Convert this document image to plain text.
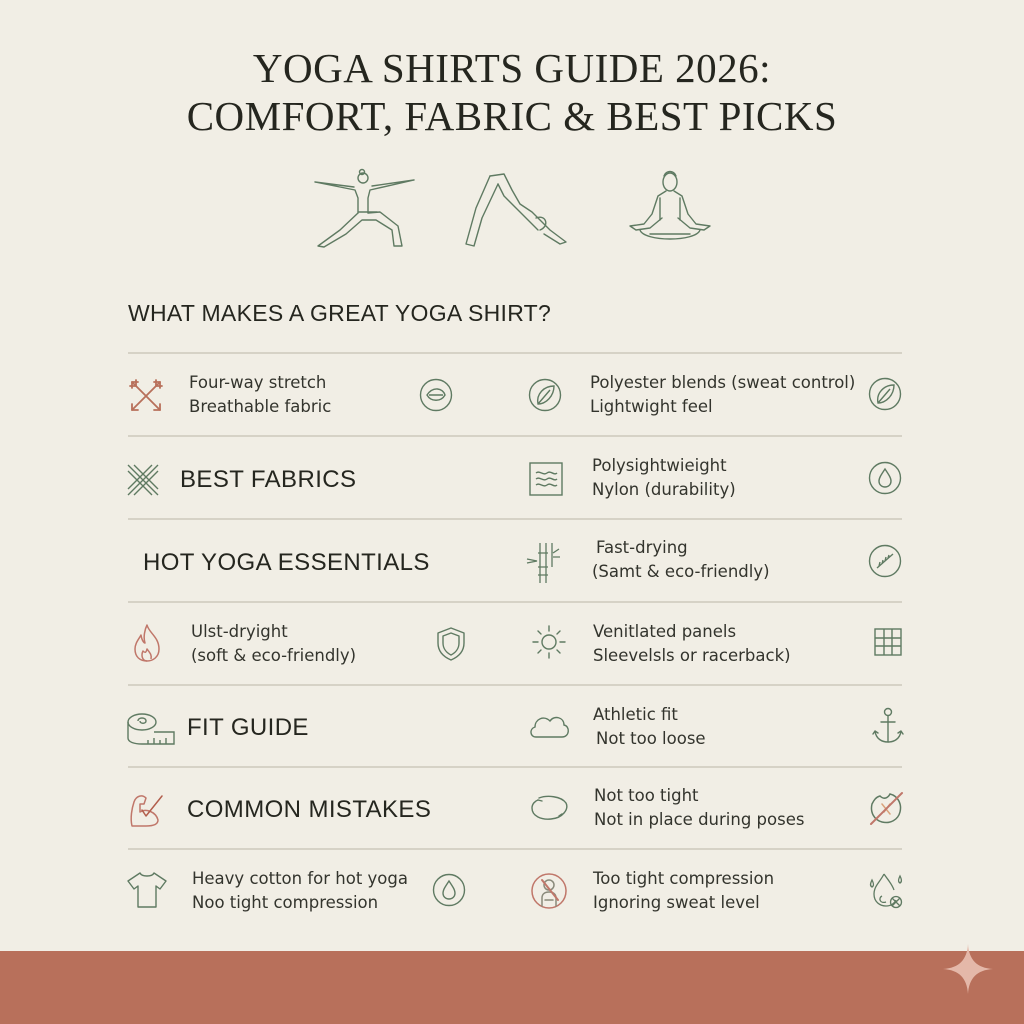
YOGA SHIRTS GUIDE 2026:
COMFORT, FABRIC & BEST PICKS
WHAT MAKES A GREAT YOGA SHIRT?
Four-way stretch
Breathable fabric
Polyester blends (sweat control)
Lightwight feel
BEST FABRICS
Polysightwieight
Nylon (durability)
HOT YOGA ESSENTIALS
Fast-drying
(Samt & eco-friendly)
Ulst-dryight
(soft & eco-friendly)
Venitlated panels
Sleevelsls or racerback)
FIT GUIDE	Athletic fit
Not too loose
COMMON MISTAKES
Not too tight
Not in place during poses
Heavy cotton for hot yoga
Noo tight compression
Too tight compression
Ignoring sweat level
